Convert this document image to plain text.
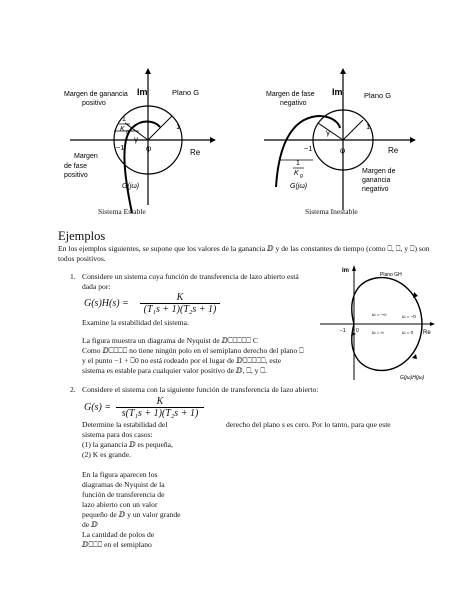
Im
Re
Plano G
Margen de ganancia
positivo
Margen
de fase
positivo
−1
1
γ
φ
1
K g
G(jω)
Sistema Estable
Im
Re
Plano G
Margen de fase
negativo
Margen de
ganancia
negativo
−1
1
γ
φ
1
K g
G(jω)
Sistema Inestable
Ejemplos
En los ejemplos siguientes, se supone que los valores de la ganancia ⅅ y de las constantes de tiempo (como ⎕, ⎕, y ⎕) son todos positivos.
1. Considere un sistema cuya función de transferencia de lazo abierto está
dada por:
G(s)H(s) =
K
(T₁s + 1)(T₂s + 1)
Examine la estabilidad del sistema.
La figura muestra un diagrama de Nyquist de ⅅ⎕⎕⎕⎕⎕ C
Como ⅅ⎕⎕⎕⎕ no tiene ningún polo en el semiplano derecho del plano ⎕
y el punto −1 + ⎕0 no está rodeado por el lugar de ⅅ⎕⎕⎕⎕⎕, este
sistema es estable para cualquier valor positivo de ⅅ, ⎕, y ⎕.
Im
Plano GH
Re
ω = −∞
ω = ∞
ω = −0
ω = 0
−1 0
G(jω)H(jω)
2. Considere el sistema con la siguiente función de transferencia de lazo abierto:
G(s) =
K
s(T₁s + 1)(T₂s + 1)
Determine la estabilidad del
sistema para dos casos:
(1) la ganancia ⅅ es pequeña,
(2) K es grande.
En la figura aparecen los
diagramas de Nyquist de la
función de transferencia de
lazo abierto con un valor
pequeño de ⅅ y un valor grande
de ⅅ
La cantidad de polos de
ⅅ⎕⎕⎕ en el semiplano
derecho del plano s es cero. Por lo tanto, para que este
